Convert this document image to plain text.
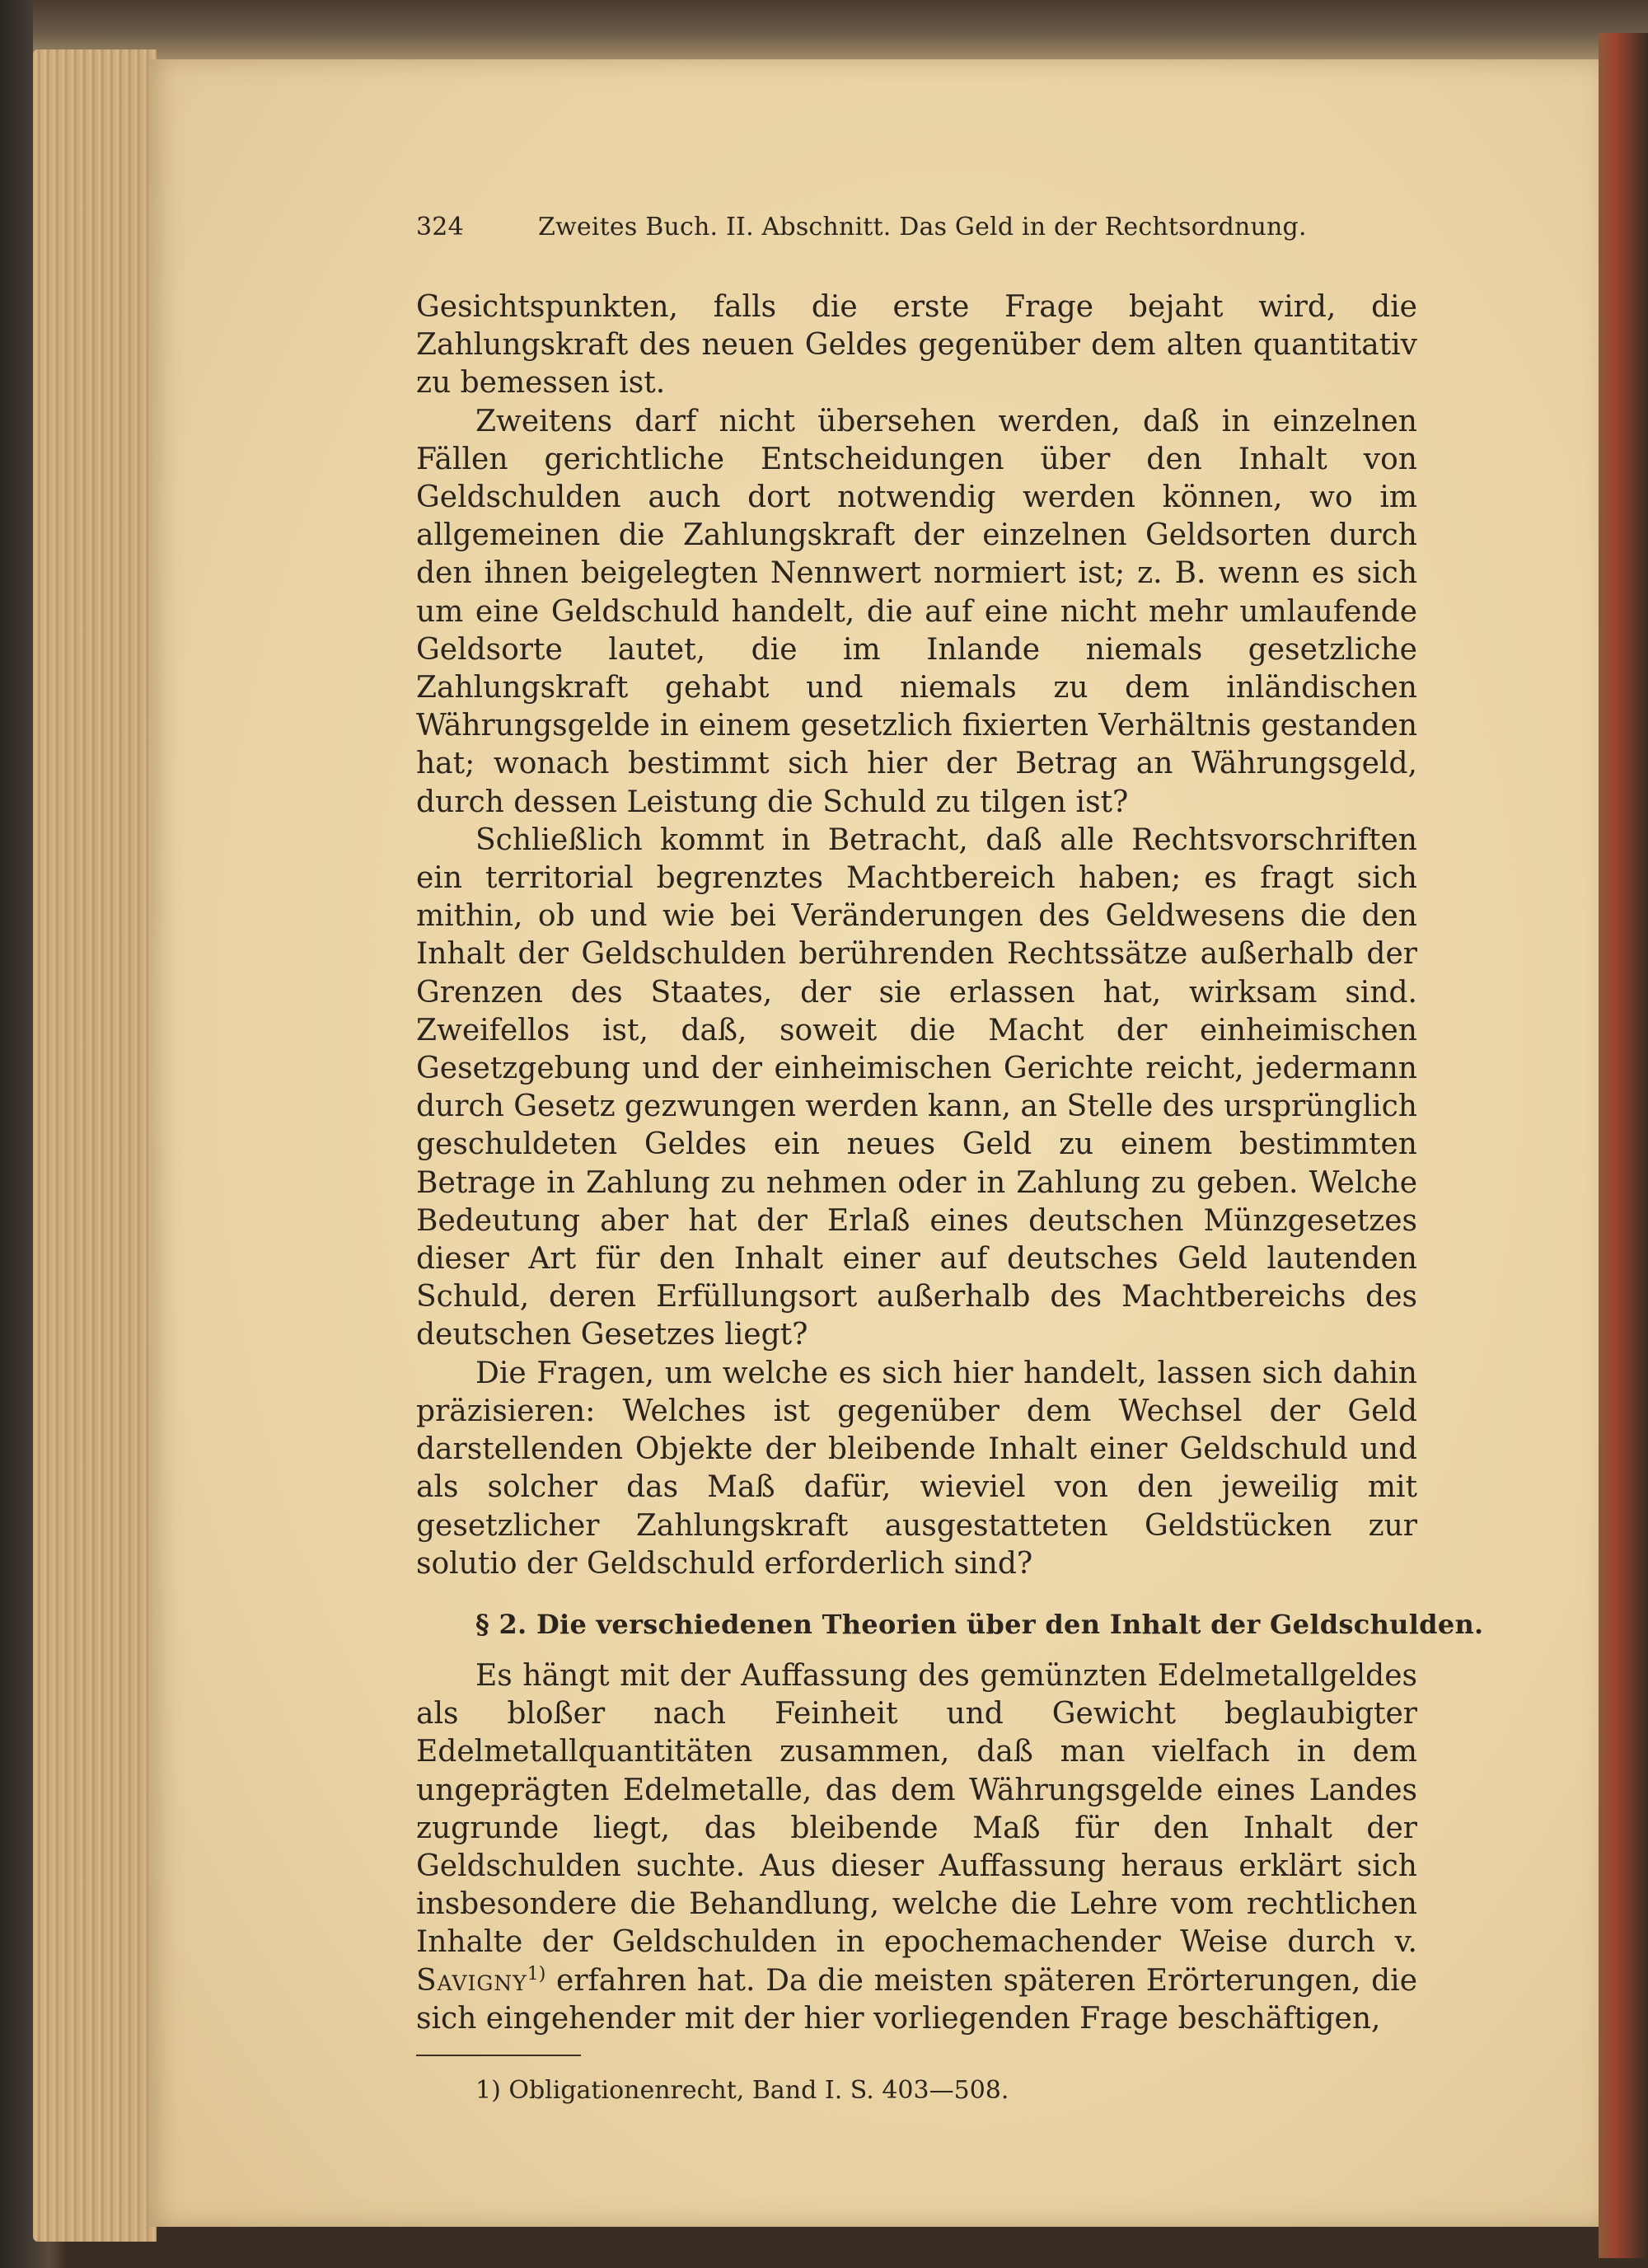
324	Zweites Buch. II. Abschnitt. Das Geld in der Rechtsordnung.

Gesichtspunkten, falls die erste Frage bejaht wird, die Zahlungskraft des neuen Geldes gegenüber dem alten quantitativ zu bemessen ist.

Zweitens darf nicht übersehen werden, daß in einzelnen Fällen gerichtliche Entscheidungen über den Inhalt von Geldschulden auch dort notwendig werden können, wo im allgemeinen die Zahlungskraft der einzelnen Geldsorten durch den ihnen beigelegten Nennwert normiert ist; z. B. wenn es sich um eine Geldschuld handelt, die auf eine nicht mehr umlaufende Geldsorte lautet, die im Inlande niemals gesetzliche Zahlungskraft gehabt und niemals zu dem inländischen Währungsgelde in einem gesetzlich fixierten Verhältnis gestanden hat; wonach bestimmt sich hier der Betrag an Währungsgeld, durch dessen Leistung die Schuld zu tilgen ist?

Schließlich kommt in Betracht, daß alle Rechtsvorschriften ein territorial begrenztes Machtbereich haben; es fragt sich mithin, ob und wie bei Veränderungen des Geldwesens die den Inhalt der Geldschulden berührenden Rechtssätze außerhalb der Grenzen des Staates, der sie erlassen hat, wirksam sind. Zweifellos ist, daß, soweit die Macht der einheimischen Gesetzgebung und der einheimischen Gerichte reicht, jedermann durch Gesetz gezwungen werden kann, an Stelle des ursprünglich geschuldeten Geldes ein neues Geld zu einem bestimmten Betrage in Zahlung zu nehmen oder in Zahlung zu geben. Welche Bedeutung aber hat der Erlaß eines deutschen Münzgesetzes dieser Art für den Inhalt einer auf deutsches Geld lautenden Schuld, deren Erfüllungsort außerhalb des Machtbereichs des deutschen Gesetzes liegt?

Die Fragen, um welche es sich hier handelt, lassen sich dahin präzisieren: Welches ist gegenüber dem Wechsel der Geld darstellenden Objekte der bleibende Inhalt einer Geldschuld und als solcher das Maß dafür, wieviel von den jeweilig mit gesetzlicher Zahlungskraft ausgestatteten Geldstücken zur solutio der Geldschuld erforderlich sind?

§ 2. Die verschiedenen Theorien über den Inhalt der Geldschulden.

Es hängt mit der Auffassung des gemünzten Edelmetallgeldes als bloßer nach Feinheit und Gewicht beglaubigter Edelmetallquantitäten zusammen, daß man vielfach in dem ungeprägten Edelmetalle, das dem Währungsgelde eines Landes zugrunde liegt, das bleibende Maß für den Inhalt der Geldschulden suchte. Aus dieser Auffassung heraus erklärt sich insbesondere die Behandlung, welche die Lehre vom rechtlichen Inhalte der Geldschulden in epochemachender Weise durch v. Savigny$^{1)}$ erfahren hat. Da die meisten späteren Erörterungen, die sich eingehender mit der hier vorliegenden Frage beschäftigen,

1) Obligationenrecht, Band I. S. 403—508.
